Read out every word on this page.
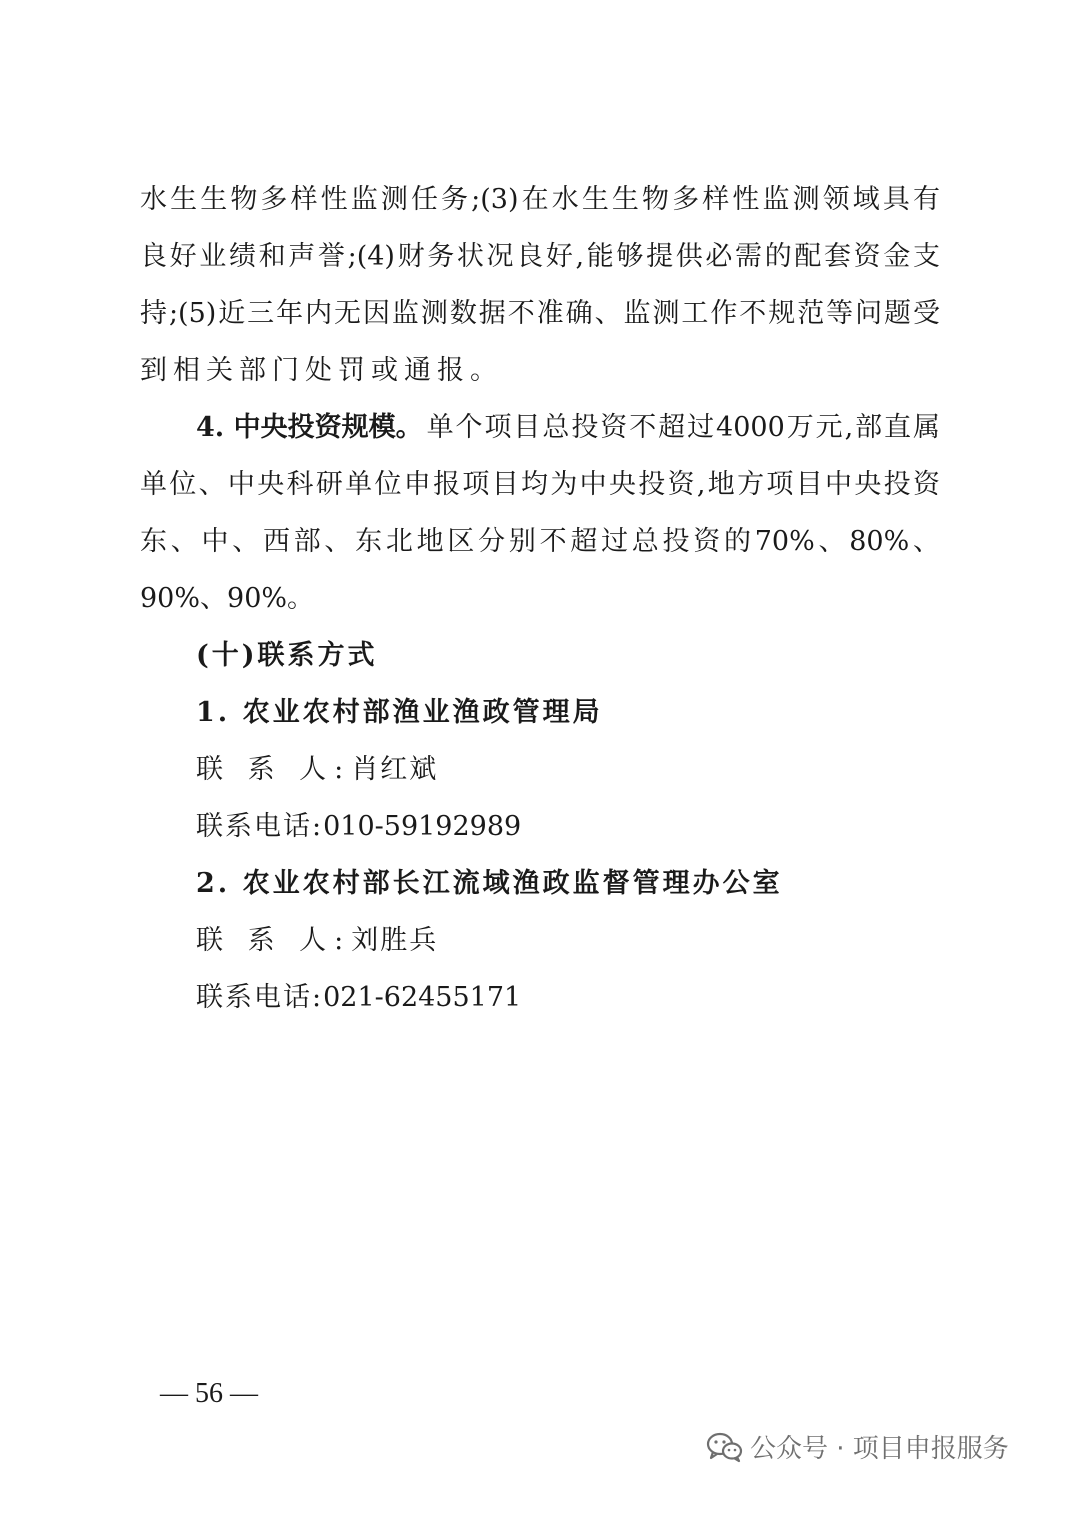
水生生物多样性监测任务;(3)在水生生物多样性监测领域具有
良好业绩和声誉;(4)财务状况良好,能够提供必需的配套资金支
持;(5)近三年内无因监测数据不准确、监测工作不规范等问题受
到相关部门处罚或通报。
4. 中央投资规模。 单个项目总投资不超过4000万元,部直属
单位、中央科研单位申报项目均为中央投资,地方项目中央投资
东、中、西部、东北地区分别不超过总投资的70%、80%、
90%、90%。
(十)联系方式
1. 农业农村部渔业渔政管理局
联 系 人:肖红斌
联系电话:010-59192989
2. 农业农村部长江流域渔政监督管理办公室
联 系 人:刘胜兵
联系电话:021-62455171
— 56 —
公众号 · 项目申报服务
